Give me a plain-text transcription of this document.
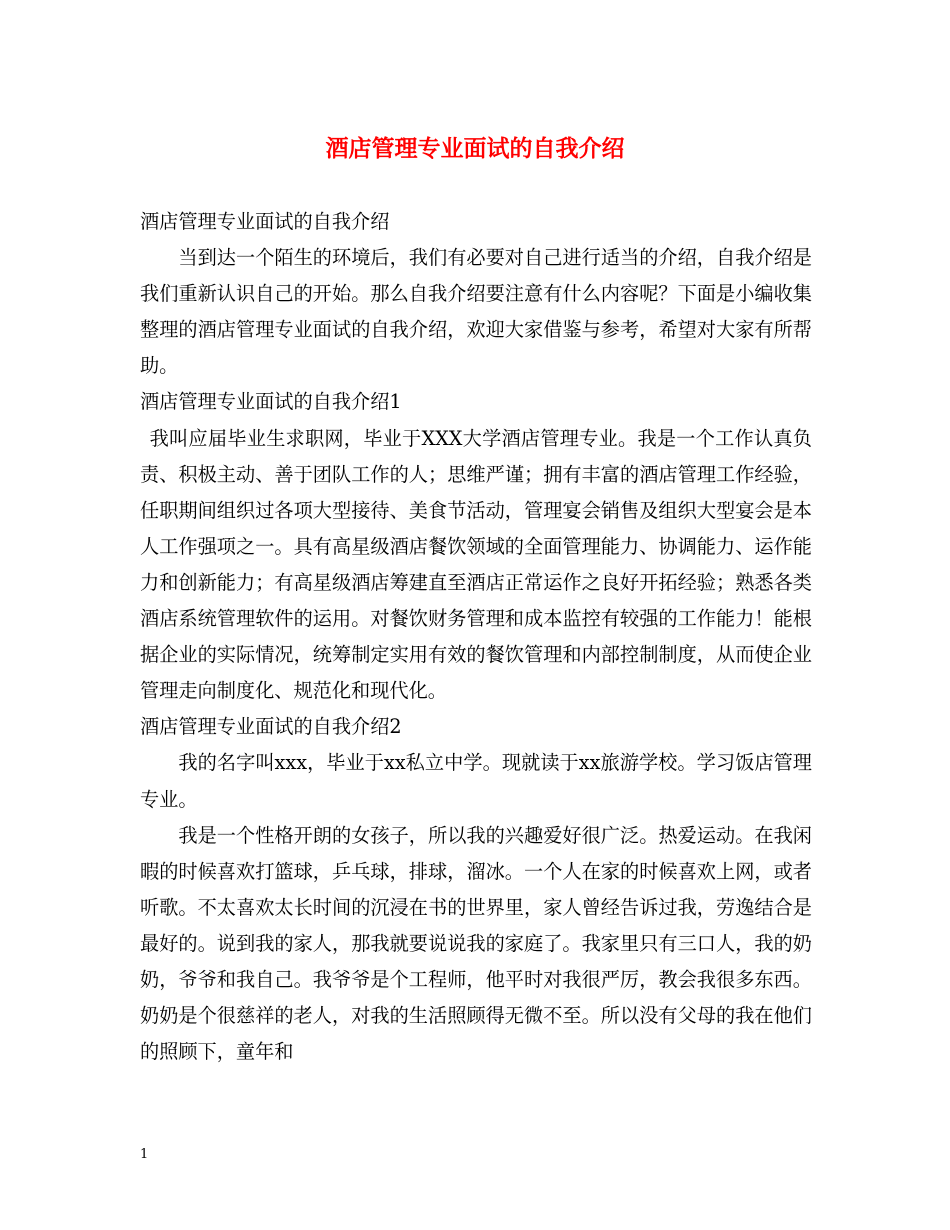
酒店管理专业面试的自我介绍

酒店管理专业面试的自我介绍

当到达一个陌生的环境后，我们有必要对自己进行适当的介绍，自我介绍是我们重新认识自己的开始。那么自我介绍要注意有什么内容呢？下面是小编收集整理的酒店管理专业面试的自我介绍，欢迎大家借鉴与参考，希望对大家有所帮助。

酒店管理专业面试的自我介绍1

我叫应届毕业生求职网，毕业于XXX大学酒店管理专业。我是一个工作认真负责、积极主动、善于团队工作的人；思维严谨；拥有丰富的酒店管理工作经验，任职期间组织过各项大型接待、美食节活动，管理宴会销售及组织大型宴会是本人工作强项之一。具有高星级酒店餐饮领域的全面管理能力、协调能力、运作能力和创新能力；有高星级酒店筹建直至酒店正常运作之良好开拓经验；熟悉各类酒店系统管理软件的运用。对餐饮财务管理和成本监控有较强的工作能力！能根据企业的实际情况，统筹制定实用有效的餐饮管理和内部控制制度，从而使企业管理走向制度化、规范化和现代化。

酒店管理专业面试的自我介绍2

我的名字叫xxx，毕业于xx私立中学。现就读于xx旅游学校。学习饭店管理专业。

我是一个性格开朗的女孩子，所以我的兴趣爱好很广泛。热爱运动。在我闲暇的时候喜欢打篮球，乒乓球，排球，溜冰。一个人在家的时候喜欢上网，或者听歌。不太喜欢太长时间的沉浸在书的世界里，家人曾经告诉过我，劳逸结合是最好的。说到我的家人，那我就要说说我的家庭了。我家里只有三口人，我的奶奶，爷爷和我自己。我爷爷是个工程师，他平时对我很严厉，教会我很多东西。奶奶是个很慈祥的老人，对我的生活照顾得无微不至。所以没有父母的我在他们的照顾下，童年和

1
